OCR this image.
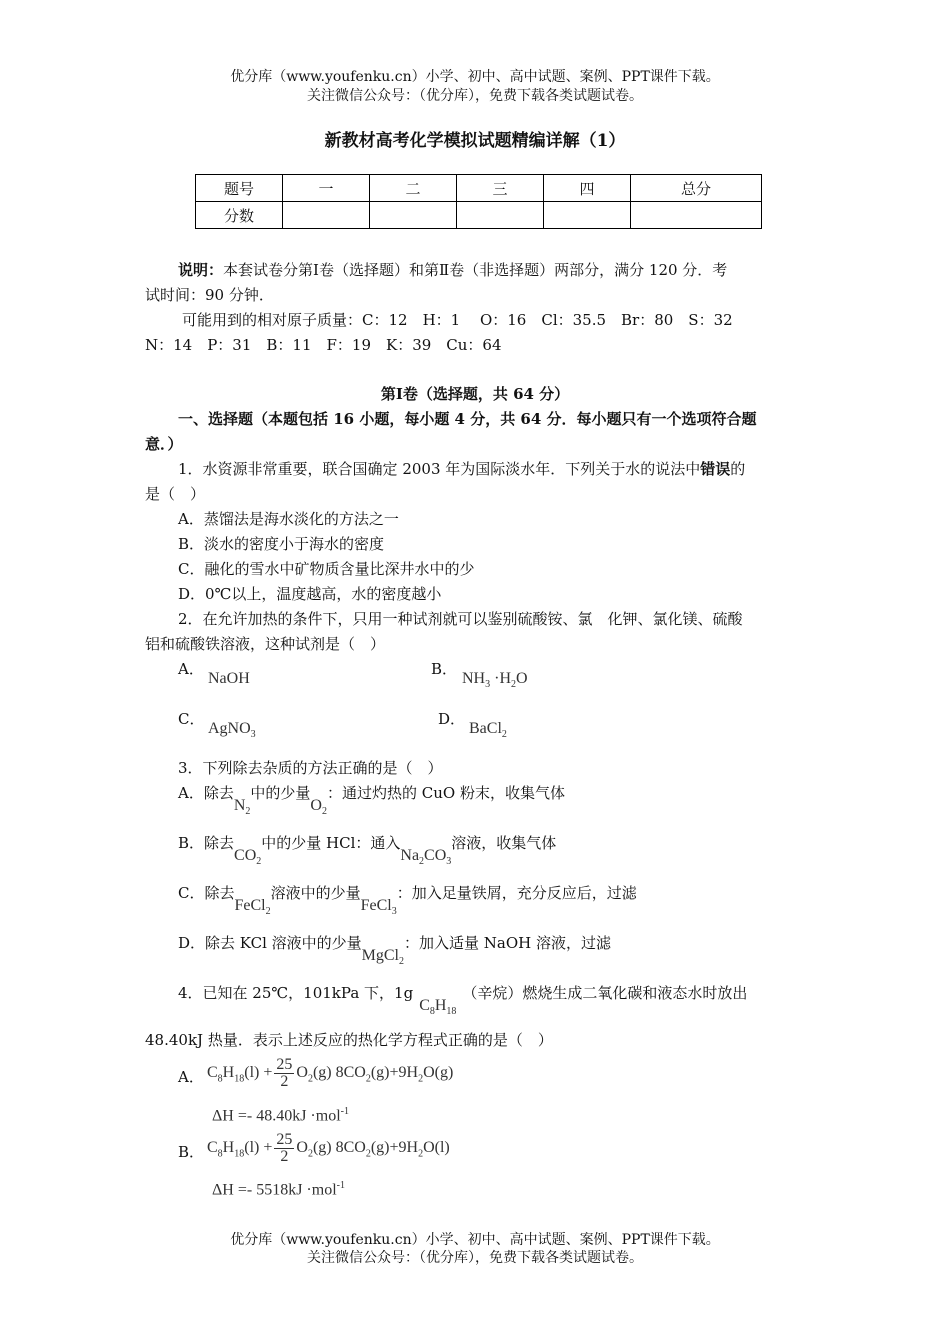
优分库（www.youfenku.cn）小学、初中、高中试题、案例、PPT课件下载。
关注微信公众号：（优分库），免费下载各类试题试卷。
新教材高考化学模拟试题精编详解（1）
题号	一	二	三	四	总分
分数					
说明：本套试卷分第Ⅰ卷（选择题）和第Ⅱ卷（非选择题）两部分，满分 120 分．考
试时间：90 分钟．
可能用到的相对原子质量：C：12　H：1　 O：16　Cl：35.5　Br：80　S：32
N：14　P：31　B：11　F：19　K：39　Cu：64
第Ⅰ卷（选择题，共 64 分）
一、选择题（本题包括 16 小题，每小题 4 分，共 64 分．每小题只有一个选项符合题
意．）
1．水资源非常重要，联合国确定 2003 年为国际淡水年．下列关于水的说法中错误的
是（　）
A．蒸馏法是海水淡化的方法之一
B．淡水的密度小于海水的密度
C．融化的雪水中矿物质含量比深井水中的少
D．0℃以上，温度越高，水的密度越小
2．在允许加热的条件下，只用一种试剂就可以鉴别硫酸铵、氯　化钾、氯化镁、硫酸
铝和硫酸铁溶液，这种试剂是（　）
A．
NaOH
B．
$NH_3 \cdot H_2O$
C．
AgNO$_3$
D．
BaCl$_2$
3．下列除去杂质的方法正确的是（　）
A．除去$N_2$中的少量$O_2$：通过灼热的 CuO 粉末，收集气体
B．除去$CO_2$中的少量 HCl：通入$Na_2CO_3$溶液，收集气体
C．除去FeCl$_2$溶液中的少量FeCl$_3$：加入足量铁屑，充分反应后，过滤
D．除去 KCl 溶液中的少量MgCl$_2$：加入适量 NaOH 溶液，过滤
4．已知在 25℃，101kPa 下，$1gC_8H_{18}$（辛烷）燃烧生成二氧化碳和液态水时放出
48.40kJ 热量．表示上述反应的热化学方程式正确的是（　）
A． $C_8H_{18}(l) + \frac{25}{2} O_2(g)$ $8CO_2(g)+9H_2O(g)$
ΔH =- 48.40kJ ·mol$^{-1}$
B． $C_8H_{18}(l) + \frac{25}{2} O_2(g)$ $8CO_2(g)+9H_2O(l)$
ΔH =- 5518kJ ·mol$^{-1}$
优分库（www.youfenku.cn）小学、初中、高中试题、案例、PPT课件下载。
关注微信公众号：（优分库），免费下载各类试题试卷。
